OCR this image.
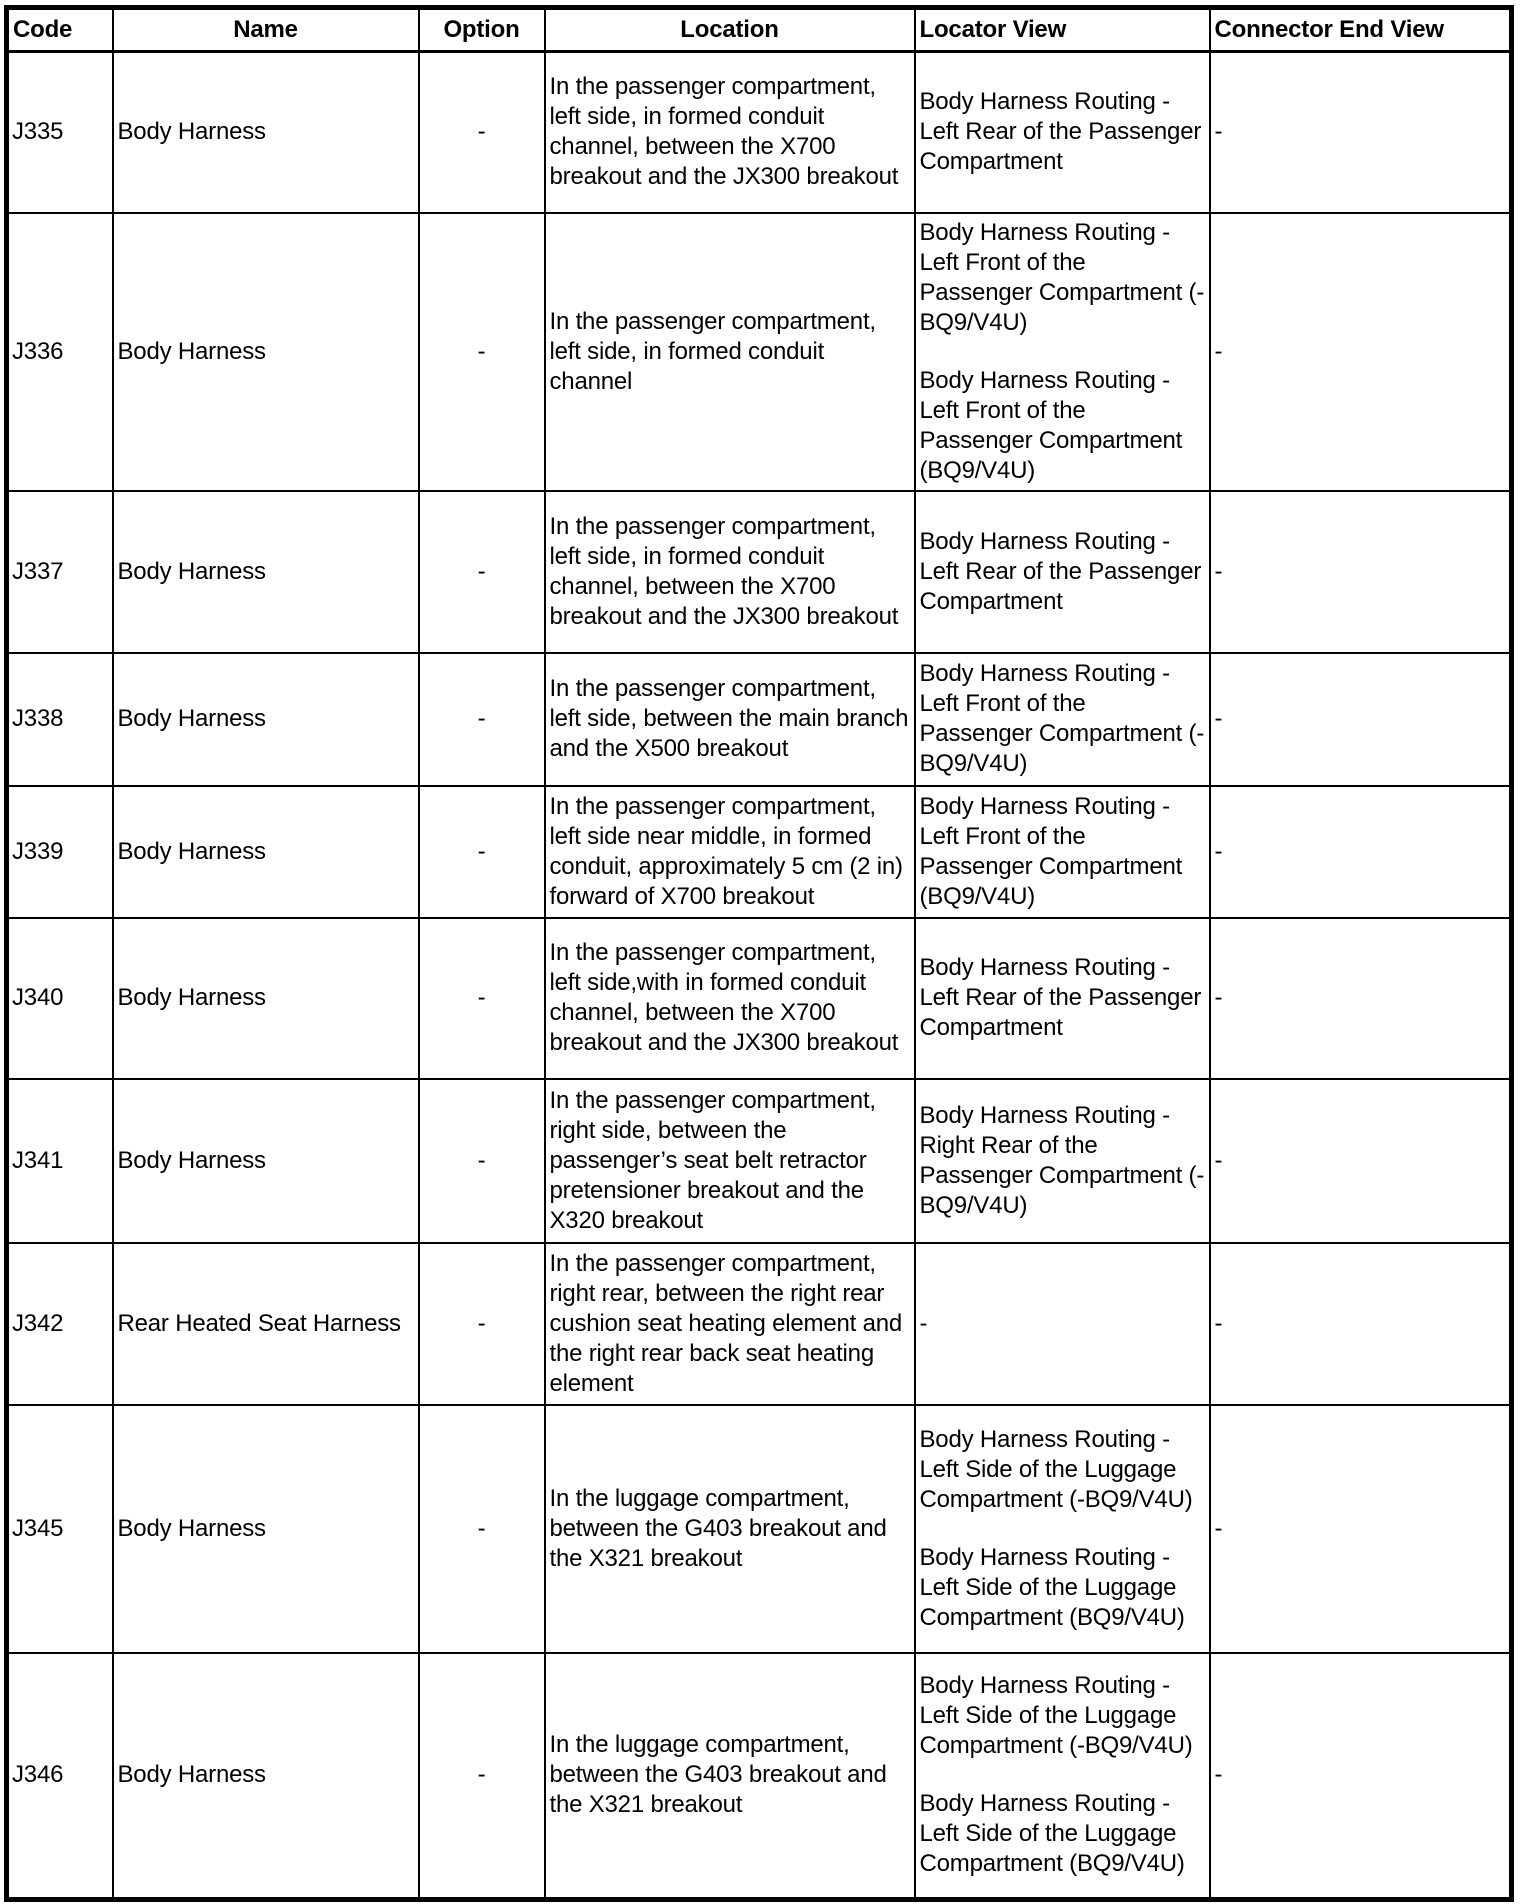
Code	Name	Option	Location	Locator View	Connector End View
J335	Body Harness	-	In the passenger compartment, left side, in formed conduit channel, between the X700 breakout and the JX300 breakout	Body Harness Routing - Left Rear of the Passenger Compartment	-
J336	Body Harness	-	In the passenger compartment, left side, in formed conduit channel	Body Harness Routing - Left Front of the Passenger Compartment (-BQ9/V4U)
Body Harness Routing - Left Front of the Passenger Compartment (BQ9/V4U)	-
J337	Body Harness	-	In the passenger compartment, left side, in formed conduit channel, between the X700 breakout and the JX300 breakout	Body Harness Routing - Left Rear of the Passenger Compartment	-
J338	Body Harness	-	In the passenger compartment, left side, between the main branch and the X500 breakout	Body Harness Routing - Left Front of the Passenger Compartment (-BQ9/V4U)	-
J339	Body Harness	-	In the passenger compartment, left side near middle, in formed conduit, approximately 5 cm (2 in) forward of X700 breakout	Body Harness Routing - Left Front of the Passenger Compartment (BQ9/V4U)	-
J340	Body Harness	-	In the passenger compartment, left side,with in formed conduit channel, between the X700 breakout and the JX300 breakout	Body Harness Routing - Left Rear of the Passenger Compartment	-
J341	Body Harness	-	In the passenger compartment, right side, between the passenger’s seat belt retractor pretensioner breakout and the X320 breakout	Body Harness Routing - Right Rear of the Passenger Compartment (-BQ9/V4U)	-
J342	Rear Heated Seat Harness	-	In the passenger compartment, right rear, between the right rear cushion seat heating element and the right rear back seat heating element	-	-
J345	Body Harness	-	In the luggage compartment, between the G403 breakout and the X321 breakout	Body Harness Routing - Left Side of the Luggage Compartment (-BQ9/V4U)
Body Harness Routing - Left Side of the Luggage Compartment (BQ9/V4U)	-
J346	Body Harness	-	In the luggage compartment, between the G403 breakout and the X321 breakout	Body Harness Routing - Left Side of the Luggage Compartment (-BQ9/V4U)
Body Harness Routing - Left Side of the Luggage Compartment (BQ9/V4U)	-
